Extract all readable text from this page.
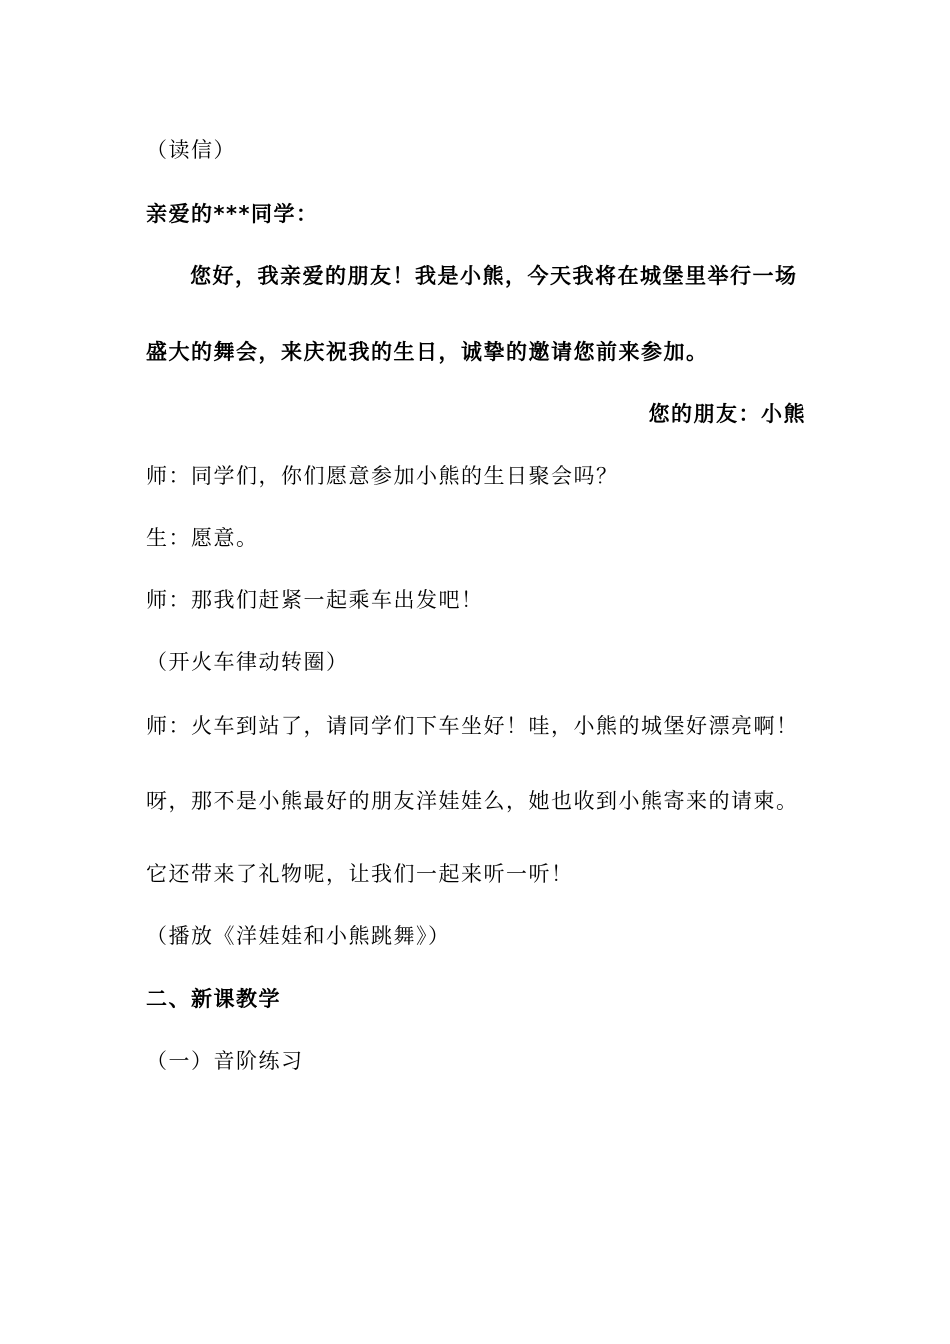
（读信）
亲爱的***同学：
您好，我亲爱的朋友！我是小熊，今天我将在城堡里举行一场
盛大的舞会，来庆祝我的生日，诚挚的邀请您前来参加。
您的朋友：小熊
师：同学们，你们愿意参加小熊的生日聚会吗？
生：愿意。
师：那我们赶紧一起乘车出发吧！
（开火车律动转圈）
师：火车到站了，请同学们下车坐好！哇，小熊的城堡好漂亮啊！
呀，那不是小熊最好的朋友洋娃娃么，她也收到小熊寄来的请柬。
它还带来了礼物呢，让我们一起来听一听！
（播放《洋娃娃和小熊跳舞》）
二、新课教学
（一）音阶练习
